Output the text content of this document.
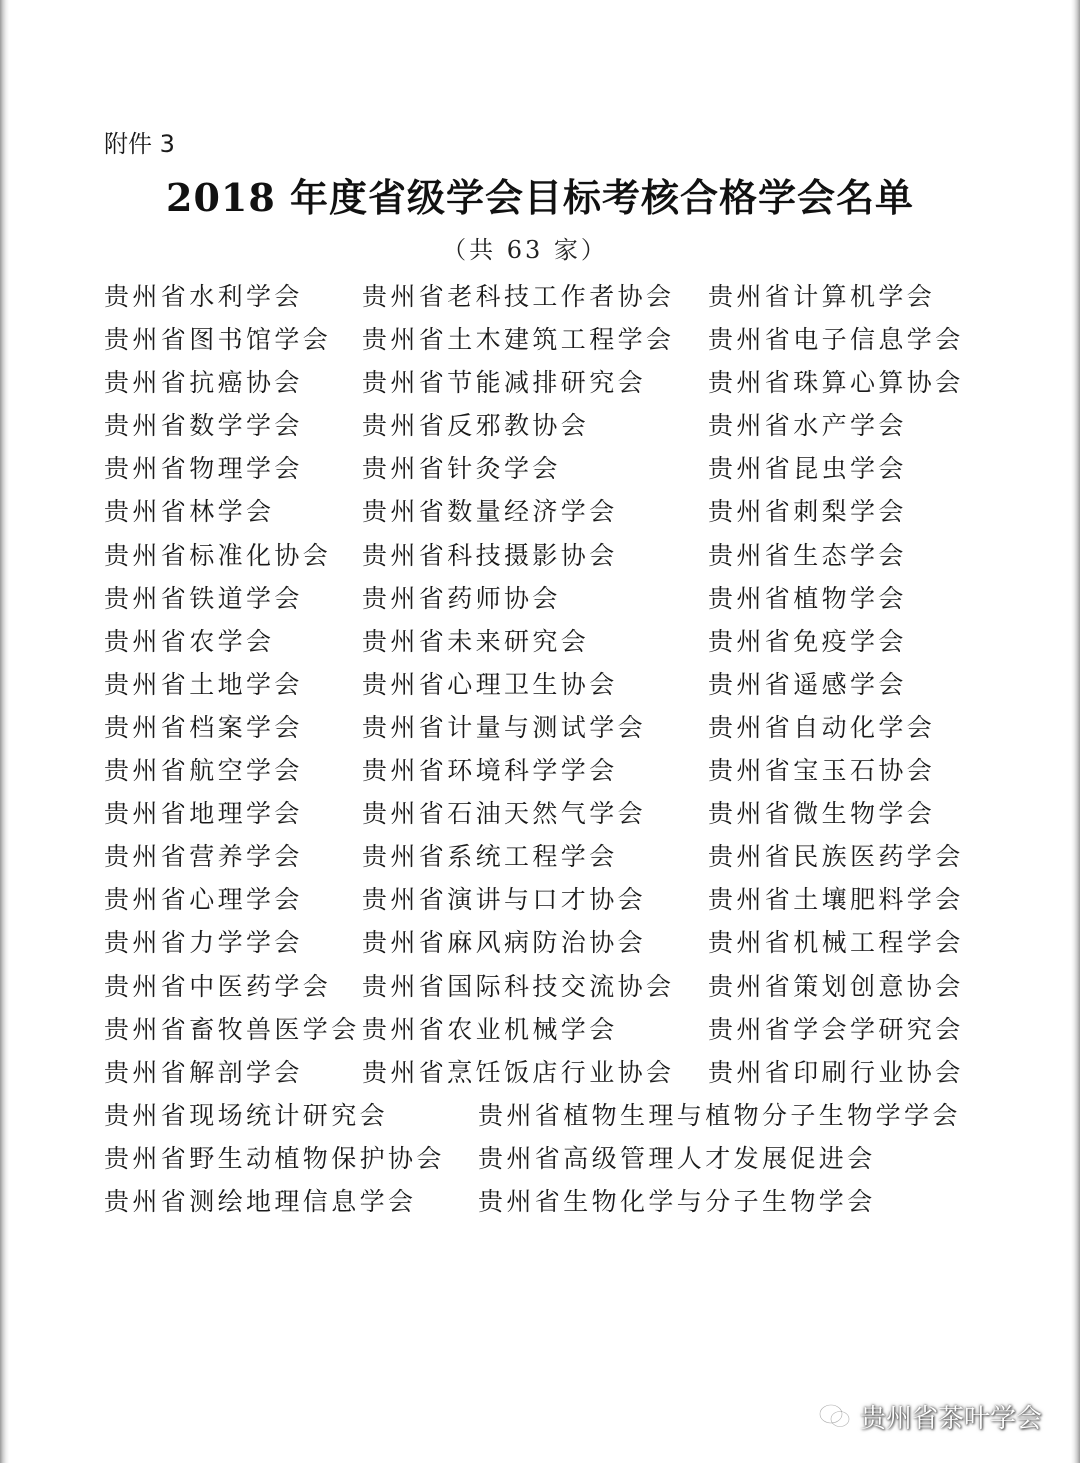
附件 3
2018 年度省级学会目标考核合格学会名单
（共 63 家）
贵州省水利学会 贵州省老科技工作者协会 贵州省计算机学会
贵州省图书馆学会 贵州省土木建筑工程学会 贵州省电子信息学会
贵州省抗癌协会 贵州省节能减排研究会 贵州省珠算心算协会
贵州省数学学会 贵州省反邪教协会	贵州省水产学会
贵州省物理学会 贵州省针灸学会	贵州省昆虫学会
贵州省林学会	贵州省数量经济学会	贵州省刺梨学会
贵州省标准化协会 贵州省科技摄影协会	贵州省生态学会
贵州省铁道学会 贵州省药师协会	贵州省植物学会
贵州省农学会	贵州省未来研究会	贵州省免疫学会
贵州省土地学会 贵州省心理卫生协会	贵州省遥感学会
贵州省档案学会 贵州省计量与测试学会 贵州省自动化学会
贵州省航空学会 贵州省环境科学学会	贵州省宝玉石协会
贵州省地理学会 贵州省石油天然气学会 贵州省微生物学会
贵州省营养学会 贵州省系统工程学会	贵州省民族医药学会
贵州省心理学会 贵州省演讲与口才协会 贵州省土壤肥料学会
贵州省力学学会 贵州省麻风病防治协会 贵州省机械工程学会
贵州省中医药学会 贵州省国际科技交流协会 贵州省策划创意协会
贵州省畜牧兽医学会 贵州省农业机械学会	贵州省学会学研究会
贵州省解剖学会 贵州省烹饪饭店行业协会 贵州省印刷行业协会
贵州省现场统计研究会	贵州省植物生理与植物分子生物学学会
贵州省野生动植物保护协会 贵州省高级管理人才发展促进会
贵州省测绘地理信息学会 贵州省生物化学与分子生物学会
贵州省茶叶学会
